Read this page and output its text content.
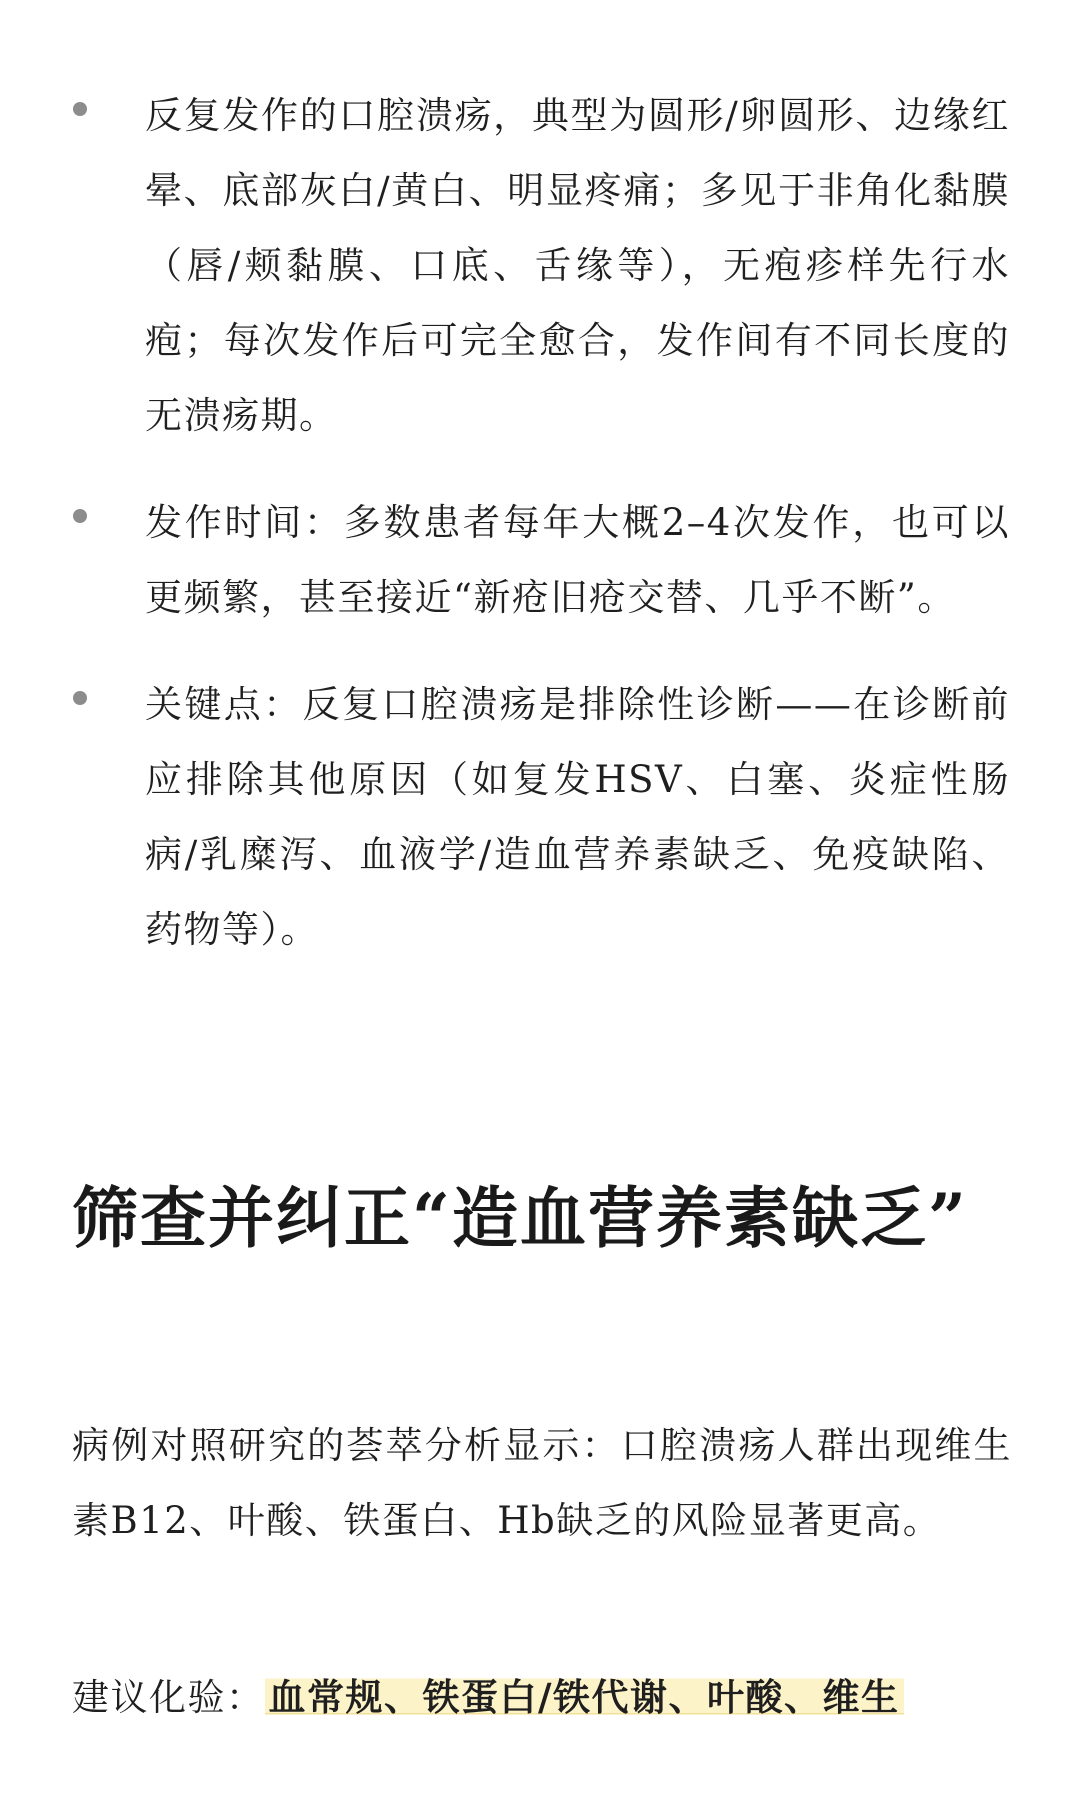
反复发作的口腔溃疡，典型为圆形/卵圆形、边缘红晕、底部灰白/黄白、明显疼痛；多见于非角化黏膜（唇/颊黏膜、口底、舌缘等），无疱疹样先行水疱；每次发作后可完全愈合，发作间有不同长度的无溃疡期。
发作时间：多数患者每年大概2–4次发作，也可以更频繁，甚至接近“新疮旧疮交替、几乎不断”。
关键点：反复口腔溃疡是排除性诊断——在诊断前应排除其他原因（如复发HSV、白塞、炎症性肠病/乳糜泻、血液学/造血营养素缺乏、免疫缺陷、药物等）。
筛查并纠正“造血营养素缺乏”

病例对照研究的荟萃分析显示：口腔溃疡人群出现维生素B12、叶酸、铁蛋白、Hb缺乏的风险显著更高。

建议化验： 血常规、铁蛋白/铁代谢、叶酸、维生
